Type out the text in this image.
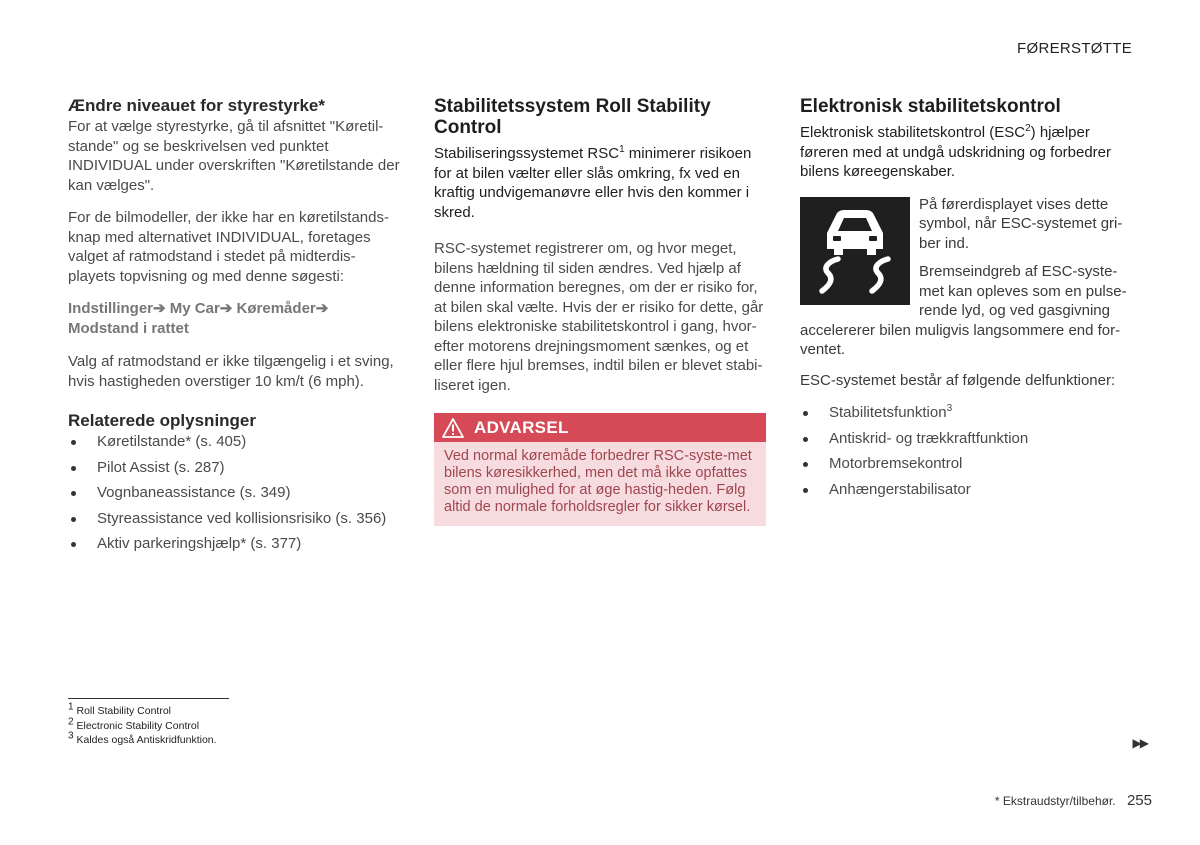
FØRERSTØTTE
Ændre niveauet for styrestyrke*

For at vælge styrestyrke, gå til afsnittet "Køretil-stande" og se beskrivelsen ved punktet INDIVIDUAL under overskriften "Køretilstande der kan vælges".

For de bilmodeller, der ikke har en køretilstands-knap med alternativet INDIVIDUAL, foretages valget af ratmodstand i stedet på midterdis-playets topvisning og med denne søgesti:

Indstillinger➔ My Car➔ Køremåder➔
Modstand i rattet

Valg af ratmodstand er ikke tilgængelig i et sving, hvis hastigheden overstiger 10 km/t (6 mph).

Relaterede oplysninger
Køretilstande* (s. 405)
Pilot Assist (s. 287)
Vognbaneassistance (s. 349)
Styreassistance ved kollisionsrisiko (s. 356)
Aktiv parkeringshjælp* (s. 377)
Stabilitetssystem Roll Stability Control

Stabiliseringssystemet RSC$^1$ minimerer risikoen for at bilen vælter eller slås omkring, fx ved en kraftig undvigemanøvre eller hvis den kommer i skred.

RSC-systemet registrerer om, og hvor meget, bilens hældning til siden ændres. Ved hjælp af denne information beregnes, om der er risiko for, at bilen skal vælte. Hvis der er risiko for dette, går bilens elektroniske stabilitetskontrol i gang, hvor-efter motorens drejningsmoment sænkes, og et eller flere hjul bremses, indtil bilen er blevet stabi-liseret igen.

ADVARSEL
Ved normal køremåde forbedrer RSC-syste-met bilens køresikkerhed, men det må ikke opfattes som en mulighed for at øge hastig-heden. Følg altid de normale forholdsregler for sikker kørsel.
Elektronisk stabilitetskontrol

Elektronisk stabilitetskontrol (ESC$^2$) hjælper føreren med at undgå udskridning og forbedrer bilens køreegenskaber.

På førerdisplayet vises dette symbol, når ESC-systemet gri-ber ind.

Bremseindgreb af ESC-syste-met kan opleves som en pulse-rende lyd, og ved gasgivning

accelererer bilen muligvis langsommere end for-ventet.

ESC-systemet består af følgende delfunktioner:

Stabilitetsfunktion$^3$
Antiskrid- og trækkraftfunktion
Motorbremsekontrol
Anhængerstabilisator
$^1$ Roll Stability Control
$^2$ Electronic Stability Control
$^3$ Kaldes også Antiskridfunktion.	▶▶
* Ekstraudstyr/tilbehør. 255
